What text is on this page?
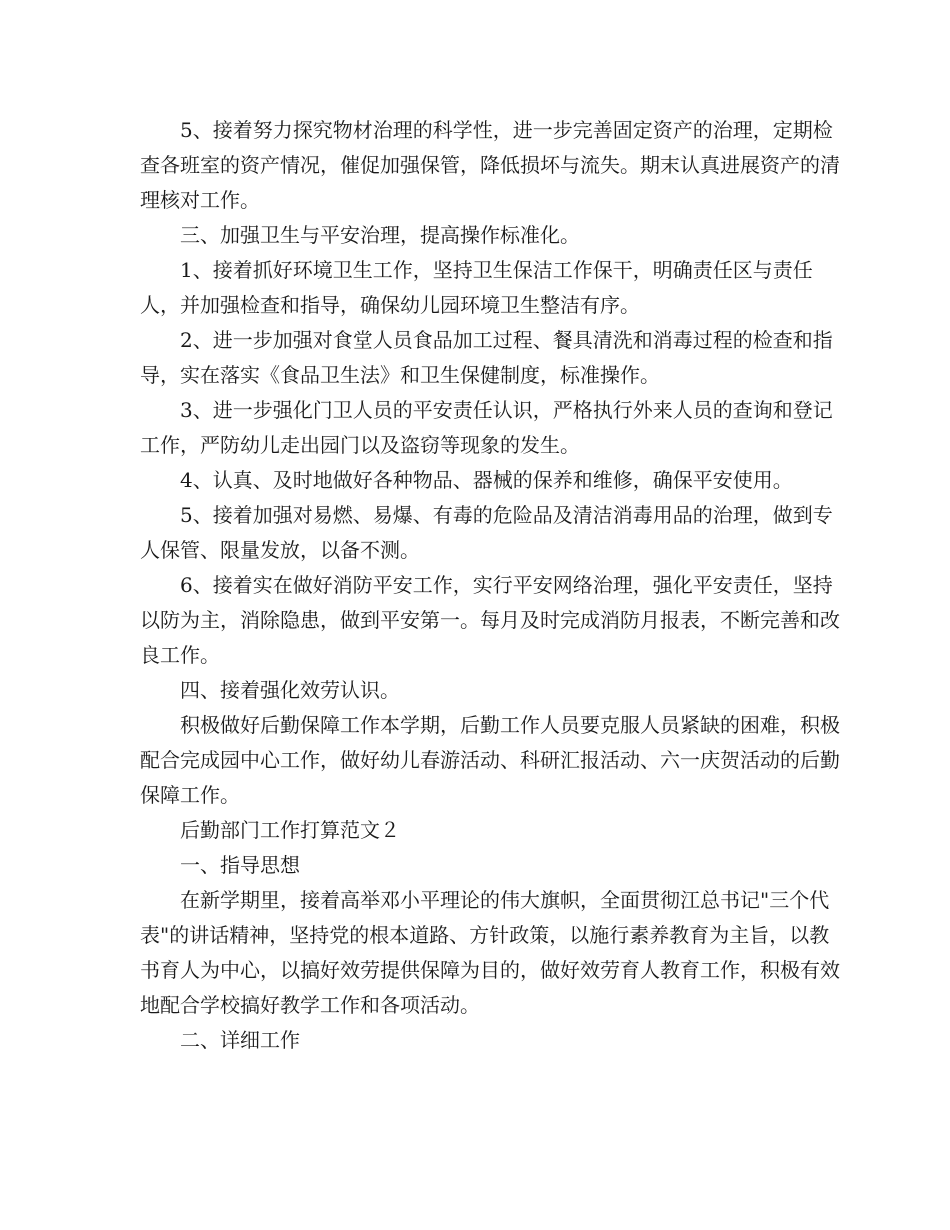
5、接着努力探究物材治理的科学性，进一步完善固定资产的治理，定期检查各班室的资产情况，催促加强保管，降低损坏与流失。期末认真进展资产的清理核对工作。

三、加强卫生与平安治理，提高操作标准化。

1、接着抓好环境卫生工作，坚持卫生保洁工作保干，明确责任区与责任人，并加强检查和指导，确保幼儿园环境卫生整洁有序。

2、进一步加强对食堂人员食品加工过程、餐具清洗和消毒过程的检查和指导，实在落实《食品卫生法》和卫生保健制度，标准操作。

3、进一步强化门卫人员的平安责任认识，严格执行外来人员的查询和登记工作，严防幼儿走出园门以及盗窃等现象的发生。

4、认真、及时地做好各种物品、器械的保养和维修，确保平安使用。

5、接着加强对易燃、易爆、有毒的危险品及清洁消毒用品的治理，做到专人保管、限量发放，以备不测。

6、接着实在做好消防平安工作，实行平安网络治理，强化平安责任，坚持以防为主，消除隐患，做到平安第一。每月及时完成消防月报表，不断完善和改良工作。

四、接着强化效劳认识。

积极做好后勤保障工作本学期，后勤工作人员要克服人员紧缺的困难，积极配合完成园中心工作，做好幼儿春游活动、科研汇报活动、六一庆贺活动的后勤保障工作。

后勤部门工作打算范文２

一、指导思想

在新学期里，接着高举邓小平理论的伟大旗帜，全面贯彻江总书记"三个代表"的讲话精神，坚持党的根本道路、方针政策，以施行素养教育为主旨，以教书育人为中心，以搞好效劳提供保障为目的，做好效劳育人教育工作，积极有效地配合学校搞好教学工作和各项活动。

二、详细工作
